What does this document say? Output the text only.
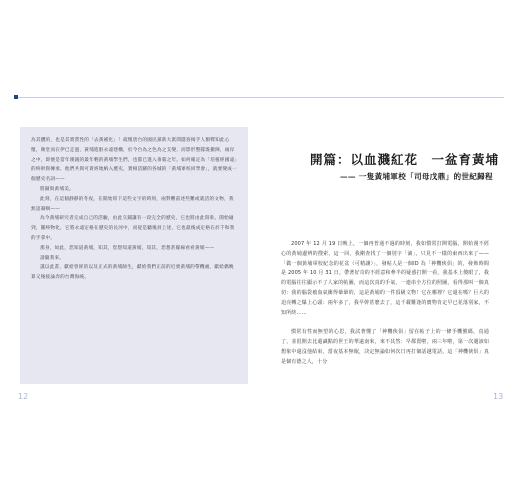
為其體的，也是其實質性的「去黃補化」！疏懷唐台的國民黨新大派間隱客揭手人類釋知此心懷，衛堂而在伊已走過，黃埔進駐永遠建構，於今台為之色為之支變，而影形整隊既撤陣，兩岸之中，即便是當年漢親的最年輕的黃埔學生們，也都已進入垂暮之年。如何確定為「培植經國遠」的終幹與傳承，他們共與可貴經地納入歷史，實相活躍的各城的「黃埔軍校同學會」，就要變成一個歷史名詞——

將歸與黃埔美。

此刻，在這個靜靜的冬夜，在開始寫下這些文字的時刻，兩對難前述些難或就活的文物，我無語凝咽——

為今黃埔研究者完成自己的活驗，由此交鋪讓有一段完全的歷史，它也將由此寫垂。開始碰到，羅終物化，它將永遠定格在歷史的長河中，而從是聽後員上述，它也最後成定格在於千和我的手掌中。

那身，如此，您知道黃埔，知其，您想知道黃埔，知其，您想甚嫁線看看黃埔——

請隨我來。

謹以此書，獻給曾經的以及正式的黃埔師生，獻給我們正前的近發黃埔的帶機處，獻給偶晚算又後接論奔的台灣海峽。

12
開篇：以血濺紅花　一盆育黃埔
—— 一隻黃埔軍校「司母戊鼎」的世紀歸程

2007 年 12 月 19 日晚上，一個再普通不過的時刻，我如慣常打開電腦，開始漫不經心的黃埔邊辨的搜索，這一回，我剛查找了一個別字「滴」，只見不一樣的東西出來了——「做一個黃埔軍校紀念的花盆（可精讓）」，發帖人是一個ID 為「神機俠侶」的，發佈時間是 2005 年 10 月 31 日。帶著好奇的不經意和參半的疑惑打開一看，我基本上傻眼了，我的電腦往往顯示不了人家的帖圖，而這次真的手氣，一連串全方位的照圖，看得那叫一個真切：我的腦袋被血氣衝得暈暈的，這是黃埔的一件頂級文物！它在哪裡？它還在嗎？巨大的迫亮轉之爆上心頭：兩年多了，我早幹甚麼去了，這千載難逢的寶物肯定早已花落別家，不知所終……

慣常有性而無望的心思，我試著懂了「神機俠侶」留在帖子上的一條手機號碼，真通了，並很開去比還識點的世王的華遠南來，來不其然：早都賣啦，兩三年啦，第一次邁該如想象中還沒他結束，當夜基本無眠，決定無論如何次日再打個話越電話，這「神機俠侶」真是個有德之人，十分

13
